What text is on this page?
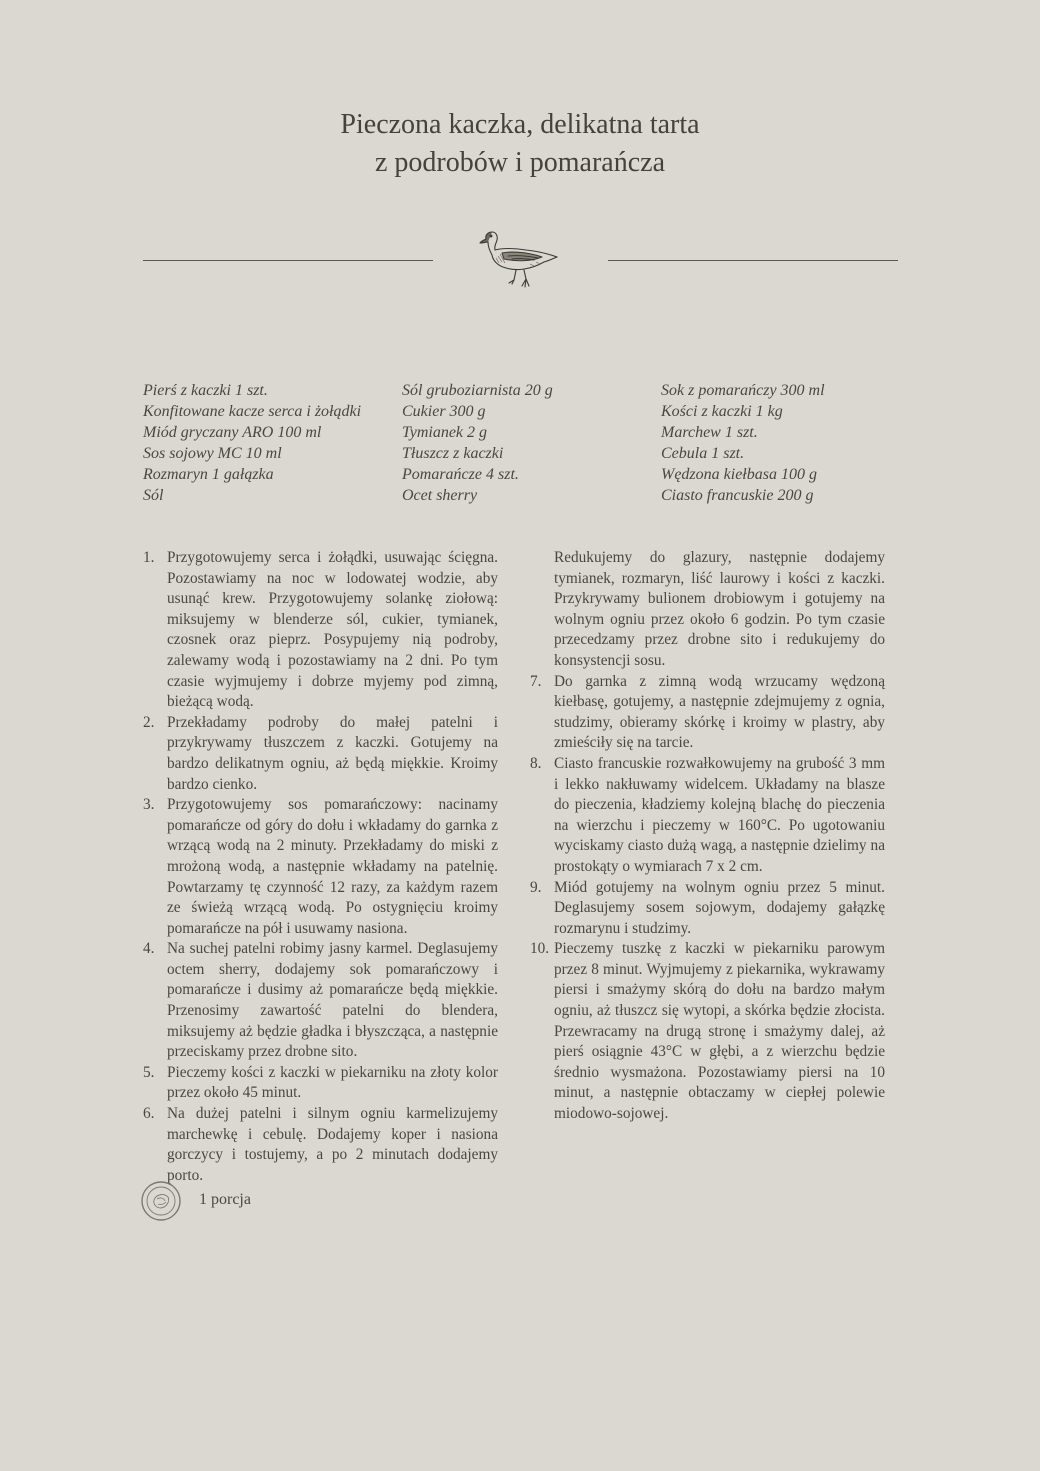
Pieczona kaczka, delikatna tarta
z podrobów i pomarańcza
Pierś z kaczki 1 szt.
Konfitowane kacze serca i żołądki
Miód gryczany ARO 100 ml
Sos sojowy MC 10 ml
Rozmaryn 1 gałązka
Sól
Sól gruboziarnista 20 g
Cukier 300 g
Tymianek 2 g
Tłuszcz z kaczki
Pomarańcze 4 szt.
Ocet sherry
Sok z pomarańczy 300 ml
Kości z kaczki 1 kg
Marchew 1 szt.
Cebula 1 szt.
Wędzona kiełbasa 100 g
Ciasto francuskie 200 g
1. Przygotowujemy serca i żołądki, usuwając ścięgna. Pozostawiamy na noc w lodowatej wodzie, aby usunąć krew. Przygotowujemy solankę ziołową: miksujemy w blenderze sól, cukier, tymianek, czosnek oraz pieprz. Posypujemy nią podroby, zalewamy wodą i pozostawiamy na 2 dni. Po tym czasie wyjmujemy i dobrze myjemy pod zimną, bieżącą wodą.
2. Przekładamy podroby do małej patelni i przykrywamy tłuszczem z kaczki. Gotujemy na bardzo delikatnym ogniu, aż będą miękkie. Kroimy bardzo cienko.
3. Przygotowujemy sos pomarańczowy: nacinamy pomarańcze od góry do dołu i wkładamy do garnka z wrzącą wodą na 2 minuty. Przekładamy do miski z mrożoną wodą, a następnie wkładamy na patelnię. Powtarzamy tę czynność 12 razy, za każdym razem ze świeżą wrzącą wodą. Po ostygnięciu kroimy pomarańcze na pół i usuwamy nasiona.
4. Na suchej patelni robimy jasny karmel. Deglasujemy octem sherry, dodajemy sok pomarańczowy i pomarańcze i dusimy aż pomarańcze będą miękkie. Przenosimy zawartość patelni do blendera, miksujemy aż będzie gładka i błyszcząca, a następnie przeciskamy przez drobne sito.
5. Pieczemy kości z kaczki w piekarniku na złoty kolor przez około 45 minut.
6. Na dużej patelni i silnym ogniu karmelizujemy marchewkę i cebulę. Dodajemy koper i nasiona gorczycy i tostujemy, a po 2 minutach dodajemy porto.
Redukujemy do glazury, następnie dodajemy tymianek, rozmaryn, liść laurowy i kości z kaczki. Przykrywamy bulionem drobiowym i gotujemy na wolnym ogniu przez około 6 godzin. Po tym czasie przecedzamy przez drobne sito i redukujemy do konsystencji sosu.
7. Do garnka z zimną wodą wrzucamy wędzoną kiełbasę, gotujemy, a następnie zdejmujemy z ognia, studzimy, obieramy skórkę i kroimy w plastry, aby zmieściły się na tarcie.
8. Ciasto francuskie rozwałkowujemy na grubość 3 mm i lekko nakłuwamy widelcem. Układamy na blasze do pieczenia, kładziemy kolejną blachę do pieczenia na wierzchu i pieczemy w 160°C. Po ugotowaniu wyciskamy ciasto dużą wagą, a następnie dzielimy na prostokąty o wymiarach 7 x 2 cm.
9. Miód gotujemy na wolnym ogniu przez 5 minut. Deglasujemy sosem sojowym, dodajemy gałązkę rozmarynu i studzimy.
10. Pieczemy tuszkę z kaczki w piekarniku parowym przez 8 minut. Wyjmujemy z piekarnika, wykrawamy piersi i smażymy skórą do dołu na bardzo małym ogniu, aż tłuszcz się wytopi, a skórka będzie złocista. Przewracamy na drugą stronę i smażymy dalej, aż pierś osiągnie 43°C w głębi, a z wierzchu będzie średnio wysmażona. Pozostawiamy piersi na 10 minut, a następnie obtaczamy w ciepłej polewie miodowo-sojowej.
1 porcja
